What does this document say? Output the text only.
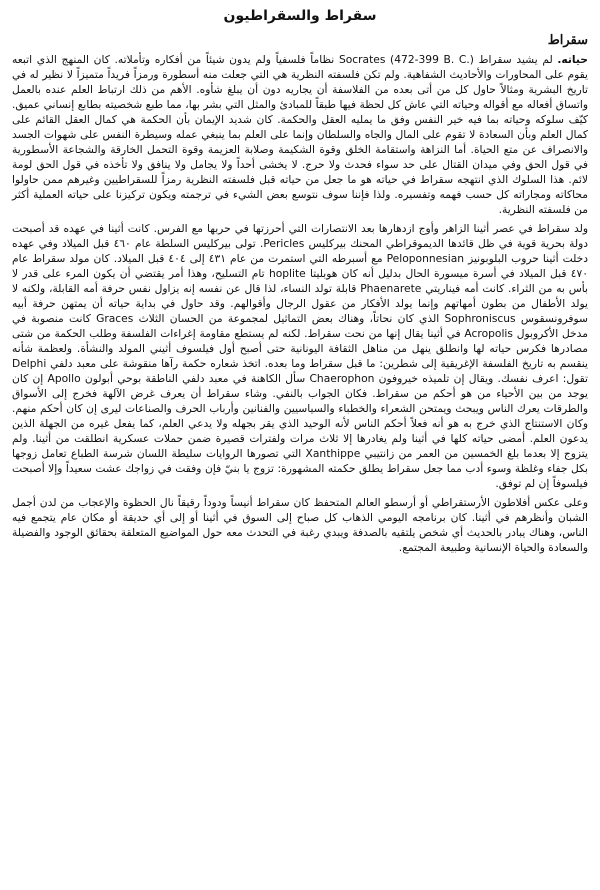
سقراط والسقراطيون
سقراط

حياته. لم يشيد سقراط Socrates (472-399 B. C.) نظاماً فلسفياً ولم يدون شيئاً من أفكاره وتأملاته. كان المنهج الذي اتبعه يقوم على المحاورات والأحاديث الشفاهية. ولم تكن فلسفته النظرية هي التي جعلت منه أسطورة ورمزاً فريداً متميزاً لا نظير له في تاريخ البشرية ومثالاً حاول كل من أتى بعده من الفلاسفة أن يجاريه دون أن يبلغ شأوه. الأهم من ذلك ارتباط العلم عنده بالعمل واتساق أفعاله مع أقواله وحياته التي عاش كل لحظة فيها طبقاً للمبادئ والمثل التي بشر بها، مما طبع شخصيته بطابع إنساني عميق. كيّف سلوكه وحياته بما فيه خير النفس وفق ما يمليه العقل والحكمة. كان شديد الإيمان بأن الحكمة هي كمال العقل القائم على كمال العلم وبأن السعادة لا تقوم على المال والجاه والسلطان وإنما على العلم بما ينبغي عمله وسيطرة النفس على شهوات الجسد والانصراف عن متع الحياة. أما النزاهة واستقامة الخلق وقوة الشكيمة وصلابة العزيمة وقوة التحمل الخارقة والشجاعة الأسطورية في قول الحق وفي ميدان القتال على حد سواء فحدث ولا حرج. لا يخشى أحداً ولا يجامل ولا ينافق ولا تأخذه في قول الحق لومة لائم. هذا السلوك الذي انتهجه سقراط في حياته هو ما جعل من حياته قبل فلسفته النظرية رمزاً للسقراطيين وغيرهم ممن حاولوا محاكاته ومجاراته كل حسب فهمه وتفسيره. ولذا فإننا سوف نتوسع بعض الشيء في ترجمته ويكون تركيزنا على حياته العملية أكثر من فلسفته النظرية.

ولد سقراط في عصر أثينا الزاهر وأوج ازدهارها بعد الانتصارات التي أحرزتها في حربها مع الفرس. كانت أثينا في عهده قد أصبحت دولة بحرية قوية في ظل قائدها الديموقراطي المحنك بيركليس Pericles. تولى بيركليس السلطة عام ٤٦٠ قبل الميلاد وفي عهده دخلت أثينا حروب البلوبونيز Peloponnesian مع أسبرطه التي استمرت من عام ٤٣١ إلى ٤٠٤ قبل الميلاد. كان مولد سقراط عام ٤٧٠ قبل الميلاد في أسرة ميسورة الحال بدليل أنه كان هوبليتا hoplite تام التسليح، وهذا أمر يقتضي أن يكون المرء على قدر لا بأس به من الثراء. كانت أمه فيناريتي Phaenarete قابلة تولد النساء، لذا قال عن نفسه إنه يزاول نفس حرفة أمه القابلة، ولكنه لا يولد الأطفال من بطون أمهاتهم وإنما يولد الأفكار من عقول الرجال وأقوالهم. وقد حاول في بداية حياته أن يمتهن حرفة أبيه سوفرونسقوس Sophroniscus الذي كان نحاتاً، وهناك بعض التماثيل لمجموعة من الحسان الثلاث Graces كانت منصوبة في مدخل الأكروبول Acropolis في أثينا يقال إنها من نحت سقراط. لكنه لم يستطع مقاومة إغراءات الفلسفة وطلب الحكمة من شتى مصادرها فكرس حياته لها وانطلق ينهل من مناهل الثقافة اليونانية حتى أصبح أول فيلسوف أثيني المولد والنشأة. ولعظمة شأنه ينقسم به تاريخ الفلسفة الإغريقية إلى شطرين: ما قبل سقراط وما بعده. اتخذ شعاره حكمة رآها منقوشة على معبد دلفي Delphi تقول: اعرف نفسك. ويقال إن تلميذه خيروفون Chaerophon سأل الكاهنة في معبد دلفي الناطقة بوحي أبولون Apollo إن كان يوجد من بين الأحياء من هو أحكم من سقراط. فكان الجواب بالنفي. وشاء سقراط أن يعرف غرض الآلهة فخرج إلى الأسواق والطرقات يعرك الناس ويبحث ويمتحن الشعراء والخطباء والسياسيين والفنانين وأرباب الحرف والصناعات ليرى إن كان أحكم منهم. وكان الاستنتاج الذي خرج به هو أنه فعلاً أحكم الناس لأنه الوحيد الذي يقر بجهله ولا يدعي العلم، كما يفعل غيره من الجهلة الذين يدعون العلم. أمضى حياته كلها في أثينا ولم يغادرها إلا ثلاث مرات ولفترات قصيرة ضمن حملات عسكرية انطلقت من أثينا. ولم يتزوج إلا بعدما بلغ الخمسين من العمر من زانتيبي Xanthippe التي تصورها الروايات سليطة اللسان شرسة الطباع تعامل زوجها بكل جفاء وغلظة وسوء أدب مما جعل سقراط يطلق حكمته المشهورة: تزوج يا بنيّ فإن وفقت في زواجك عشت سعيداً وإلا أصبحت فيلسوفاً إن لم توفق.

وعلى عكس أفلاطون الأرستقراطي أو أرسطو العالم المتحفظ كان سقراط أنيساً ودوداً رقيقاً نال الحظوة والإعجاب من لدن أجمل الشبان وأنظرهم في أثينا. كان برنامجه اليومي الذهاب كل صباح إلى السوق في أثينا أو إلى أي حديقة أو مكان عام يتجمع فيه الناس، وهناك يبادر بالحديث أي شخص يلتقيه بالصدفة ويبدي رغبة في التحدث معه حول المواضيع المتعلقة بحقائق الوجود والفضيلة والسعادة والحياة الإنسانية وطبيعة المجتمع.
